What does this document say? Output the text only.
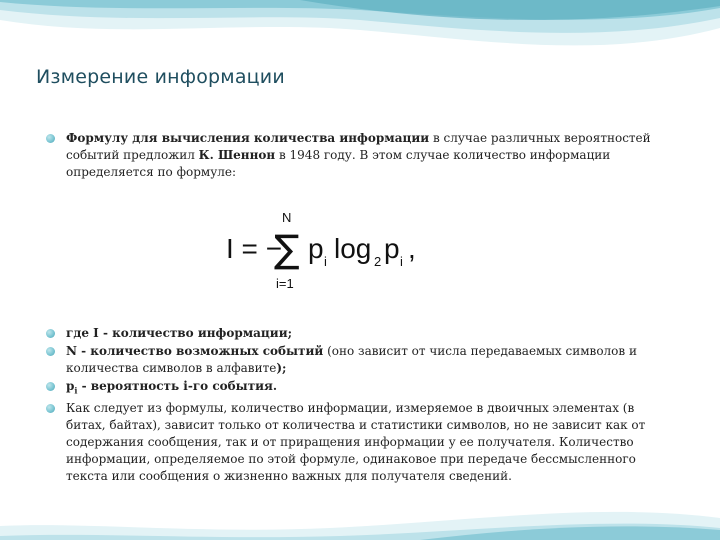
Измерение информации
Формулу для вычисления количества информации в случае различных вероятностей событий предложил К. Шеннон в 1948 году. В этом случае количество информации определяется по формуле:
I = −
N
∑
i=1
p i log 2 p i ,
где I - количество информации;
N - количество возможных событий (оно зависит от числа передаваемых символов и количества символов в алфавите);
$p_i$ - вероятность i-го события.
Как следует из формулы, количество информации, измеряемое в двоичных элементах (в битах, байтах), зависит только от количества и статистики символов, но не зависит как от содержания сообщения, так и от приращения информации у ее получателя. Количество информации, определяемое по этой формуле, одинаковое при передаче бессмысленного текста или сообщения о жизненно важных для получателя сведений.
